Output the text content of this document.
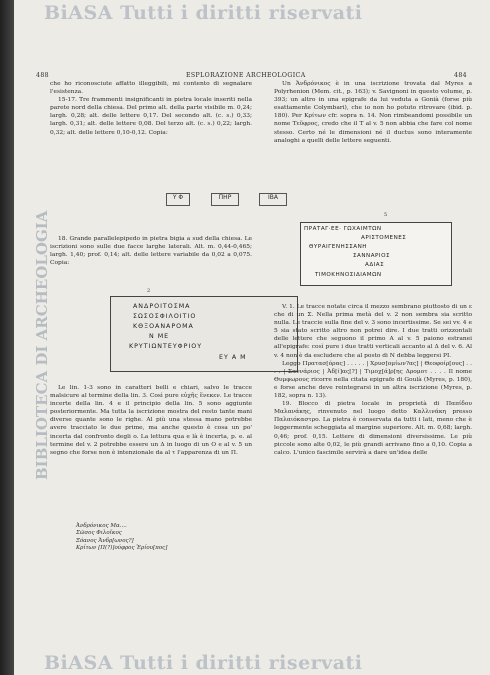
BiASA Tutti i diritti riservati
BiASA Tutti i diritti riservati
BIBLIOTECA DI ARCHEOLOGIA
488	ESPLORAZIONE ARCHEOLOGICA	484

che ho riconosciute affatto illeggibili, mi contento di segnalare l'esistenza.

15-17. Tre frammenti insignificanti in pietra locale inseriti nella parete nord della chiesa. Del primo alt. della parte visibile m. 0,24; largh. 0,28; alt. delle lettere 0,17. Del secondo alt. (c. s.) 0,33; largh. 0,31; alt. delle lettere 0,08. Del terzo alt. (c. s.) 0,22; largh. 0,32; alt. delle lettere 0,10-0,12. Copia:

Υ Φ	ΠΗΡ	ΙΒΑ

18. Grande parallelepipedo in pietra bigia a sud della chiesa. Le iscrizioni sono sulle due facce larghe laterali. Alt. m. 0,44-0,465; largh. 1,40; prof. 0,14; alt. delle lettere variabile da 0,02 a 0,075. Copia:

2
ΑΝΔΡΟΙΤΟΣΜΑ
ΣΩΣΟΣΦΙΛΟΙΤΙΟ
ΚΘΞΟΑΝΑΡΟΜΑ
Ν ΜΕ
ΚΡΥΤΙΩΝΤΕΥΦΡΙΟΥ
ΕΥ Α Μ

Le lin. 1-3 sono in caratteri belli e chiari, salvo le tracce malsicure al termine della lin. 3. Così pure εὐχῆς ἕνεκεν. Le tracce incerte della lin. 4 e il principio della lin. 5 sono aggiunte posteriormente. Ma tutta la iscrizione mostra del resto tante mani diverse quante sono le righe. Al più una stessa mano potrebbe avere tracciato le due prime, ma anche questo è cosa un po' incerta dal confronto degli o. La lettura qua e là è incerta, p. e. al termine del v. 2 potrebbe essere un Δ in luogo di un O e al v. 5 un segno che forse non è intenzionale da al τ l'apparenza di un Π.

Ἀνδρόνικος Μα....
Σῶσος Φιλοῖκος
Ξόανος Ἀνδρ[ωνος?]
Κρίτων [Π(?)]ούφρος Ἐρίου[πος]

Un Ἀνδρόνικος è in una iscrizione trovata dal Myres a Polyrhenion (Mem. cit., p. 163); v. Savignoni in questo volume, p. 393; un altro in una epigrafe da lui veduta a Gonià (forse più esattamente Colymbari), che io non ho potuto ritrovare (ibid. p. 180). Per Κρίτων cfr. sopra n. 14. Non rimbeandomi possibile un nome Τεῦφρος, credo che il Τ al v. 5 non abbia che fare col nome stesso. Certo né le dimensioni né il ductus sono interamente analoghi a quelli delle lettere seguenti.

5
ΠΡΑΤΑΓ·ΕΕ· ΓΩΧΑΙΜΤΩΝ
ΑΡΙΣΤΟΜΕΝΕΣ
ΘΥΡΑΙΓΕΝΗΣΣΑΝΗ
ΣΑΝΝΑΡΙΟΣ
ΑΔΙΑΣ
ΤΙΜΟΚΗΝΟΣΙΔΙΑΜΩΝ

V. 1. Le tracce notate circa il mezzo sembrano piuttosto di un ε che di un Σ. Nella prima metà del v. 2 non sembra sia scritto nulla. Le traccie sulla fine del v. 3 sono incertissime. Se sei vv. 4 e 5 sia stato scritto altro non potrei dire. I due tratti orizzontali delle lettere che seguono il primo A al v. 5 paiono estranei all'epigrafe: così pure i due tratti verticali accanto al Δ del v. 6. Al v. 4 non è da escludere che al posto di Ν debba leggersi ΡΙ.

Leggo Πρατασ[όρας] . . . . . | Χρυσ[ομίων?ας] | Θεοφοίρ[ους] . . . . | Σαννάριος | Ἀδ[ί]ας[?] | Τιμοχ[ά]ρ[ης Δρομοτ . . . . Il nome Θυμφωρους ricorre nella citata epigrafe di Goulà (Myres, p. 180), e forse anche deve reintegrarsi in un altra iscrizione (Myres, p. 182, sopra n. 13).

19. Blocco di pietra locale in proprietà di Παπίδου Μαλανάκης, rinvenuto nel luogo detto Καλλινάκη presso Παλαιόκαστρο. La pietra è conservata da tutti i lati, meno che è leggermente scheggiata al margine superiore. Alt. m. 0,68; largh. 0,46; prof. 0,15. Lettere di dimensioni diversissime. Le più piccole sono alte 0,02, le più grandi arrivano fino a 0,10. Copia a calco. L'unico fascimile servirà a dare un'idea delle
